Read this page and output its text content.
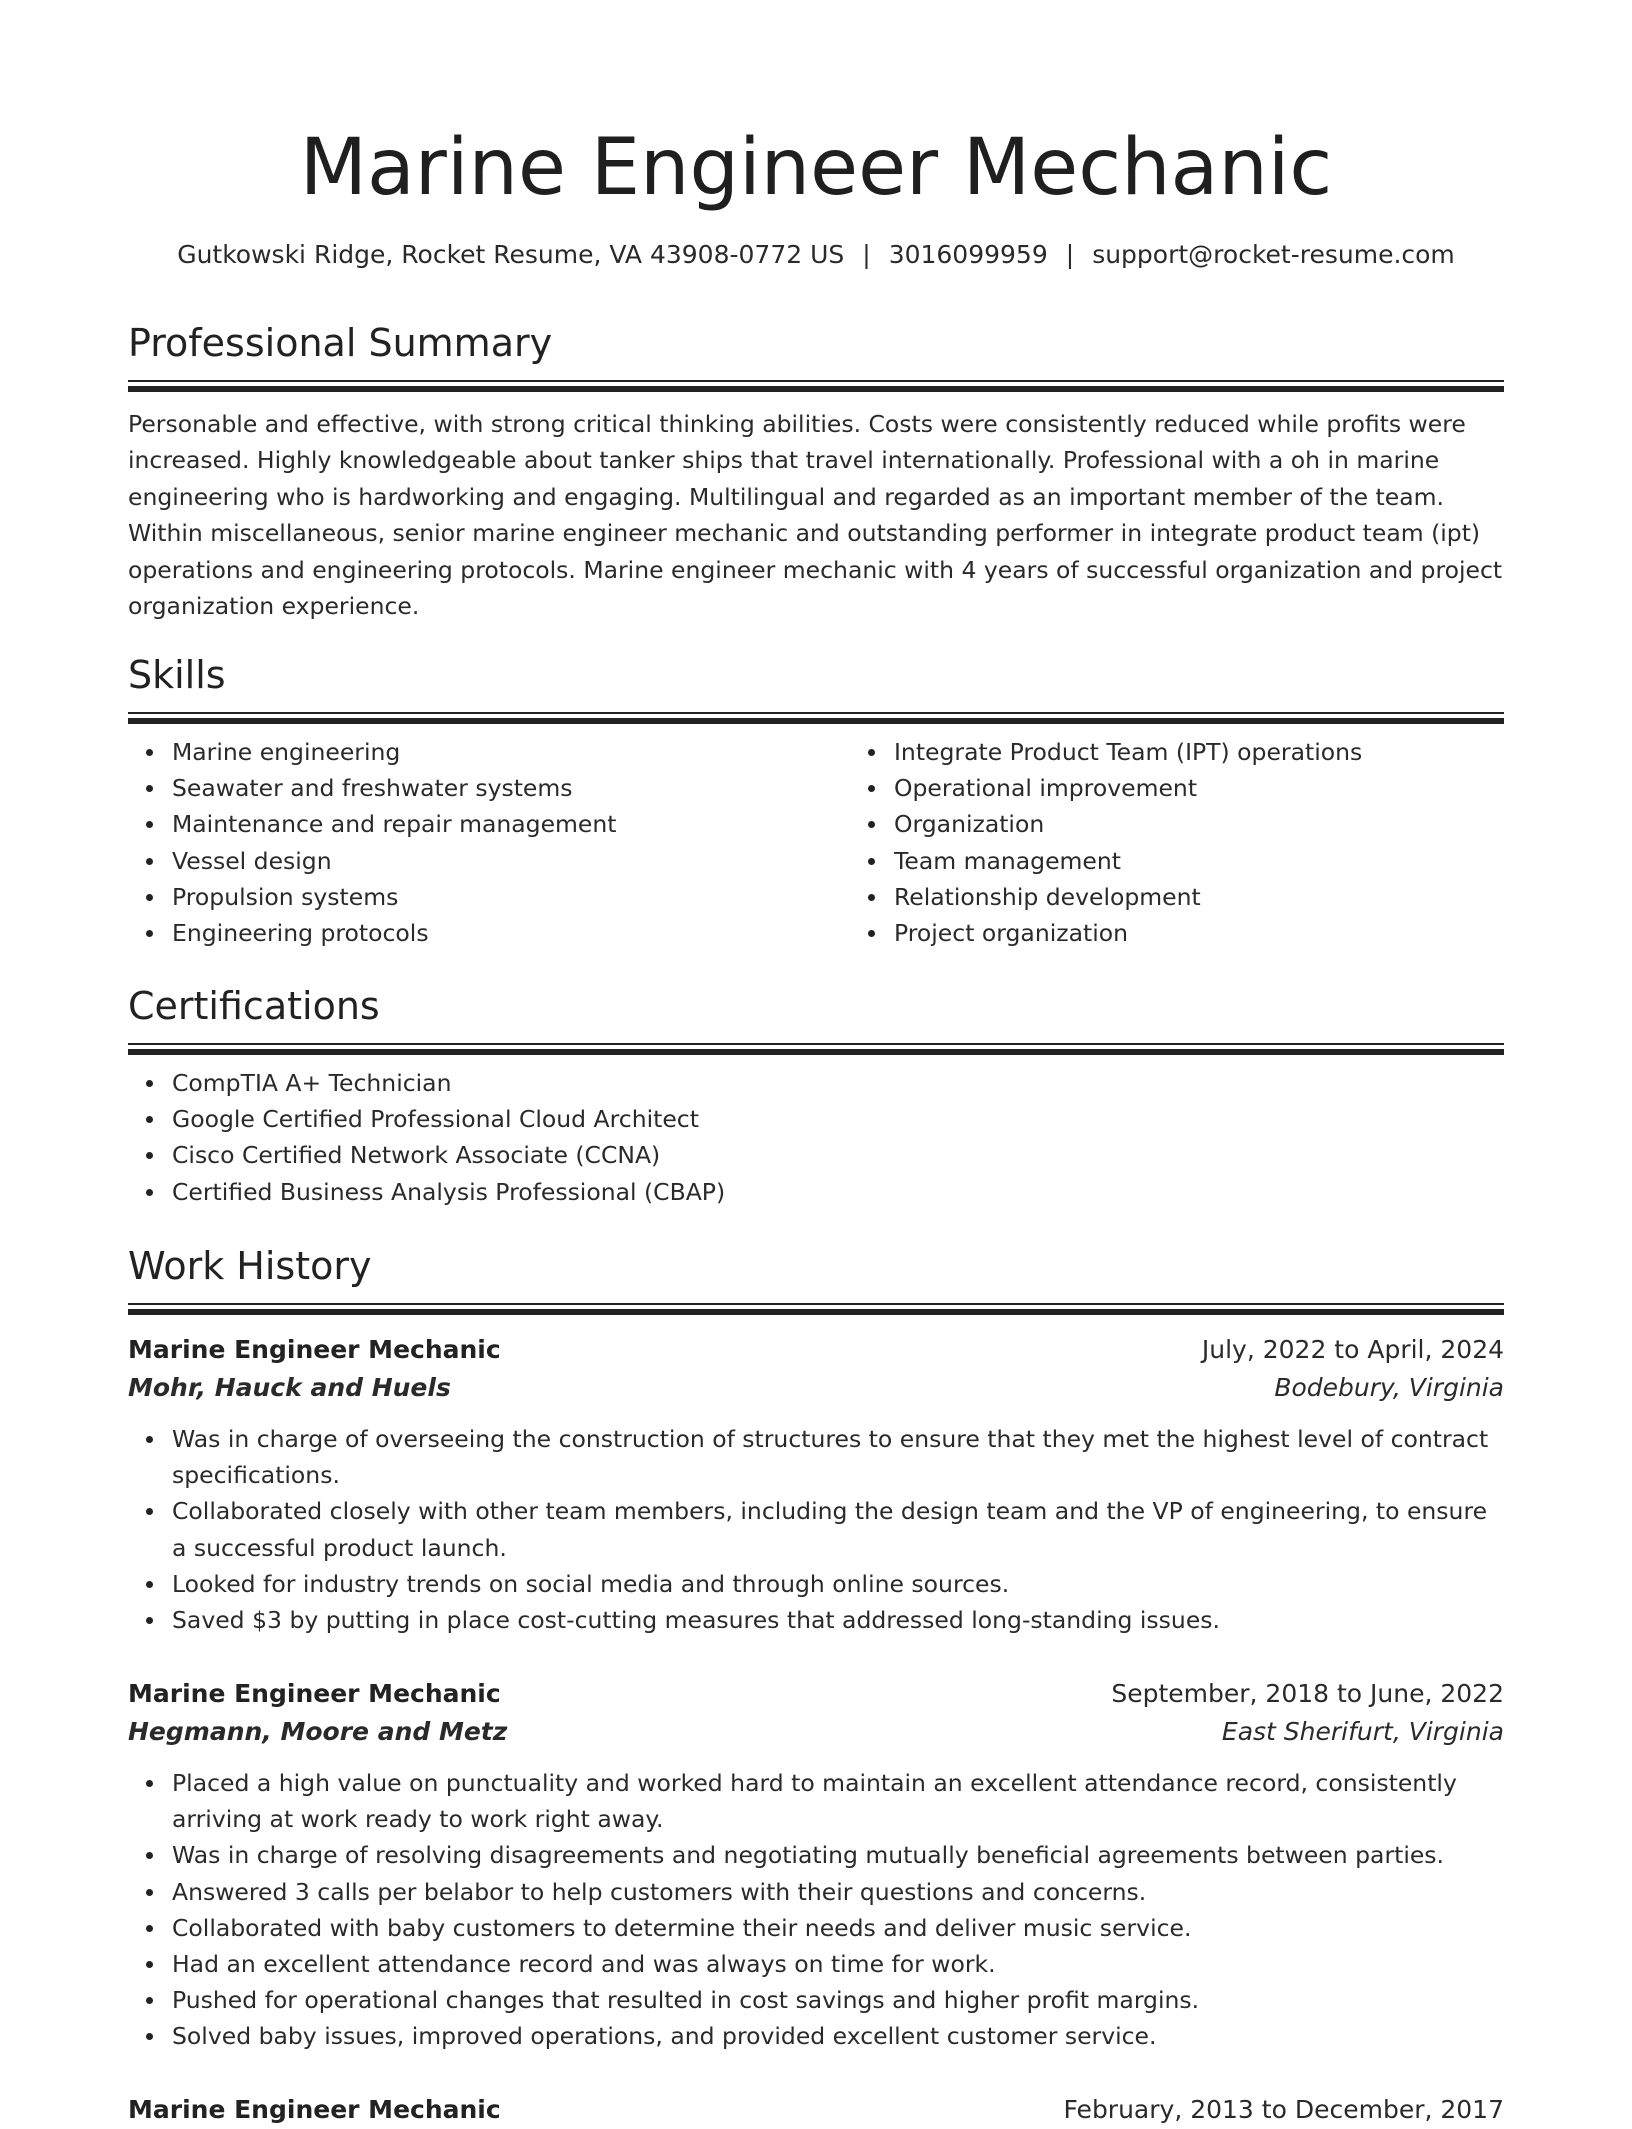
Marine Engineer Mechanic
Gutkowski Ridge, Rocket Resume, VA 43908-0772 US | 3016099959 | support@rocket-resume.com
Professional Summary
Personable and effective, with strong critical thinking abilities. Costs were consistently reduced while profits were increased. Highly knowledgeable about tanker ships that travel internationally. Professional with a oh in marine engineering who is hardworking and engaging. Multilingual and regarded as an important member of the team. Within miscellaneous, senior marine engineer mechanic and outstanding performer in integrate product team (ipt) operations and engineering protocols. Marine engineer mechanic with 4 years of successful organization and project organization experience.
Skills
Marine engineering
Seawater and freshwater systems
Maintenance and repair management
Vessel design
Propulsion systems
Engineering protocols
Integrate Product Team (IPT) operations
Operational improvement
Organization
Team management
Relationship development
Project organization
Certifications
CompTIA A+ Technician
Google Certified Professional Cloud Architect
Cisco Certified Network Associate (CCNA)
Certified Business Analysis Professional (CBAP)
Work History
Marine Engineer Mechanic	July, 2022 to April, 2024
Mohr, Hauck and Huels	Bodebury, Virginia
Was in charge of overseeing the construction of structures to ensure that they met the highest level of contract specifications.
Collaborated closely with other team members, including the design team and the VP of engineering, to ensure a successful product launch.
Looked for industry trends on social media and through online sources.
Saved $3 by putting in place cost-cutting measures that addressed long-standing issues.
Marine Engineer Mechanic	September, 2018 to June, 2022
Hegmann, Moore and Metz	East Sherifurt, Virginia
Placed a high value on punctuality and worked hard to maintain an excellent attendance record, consistently arriving at work ready to work right away.
Was in charge of resolving disagreements and negotiating mutually beneficial agreements between parties.
Answered 3 calls per belabor to help customers with their questions and concerns.
Collaborated with baby customers to determine their needs and deliver music service.
Had an excellent attendance record and was always on time for work.
Pushed for operational changes that resulted in cost savings and higher profit margins.
Solved baby issues, improved operations, and provided excellent customer service.
Marine Engineer Mechanic	February, 2013 to December, 2017
